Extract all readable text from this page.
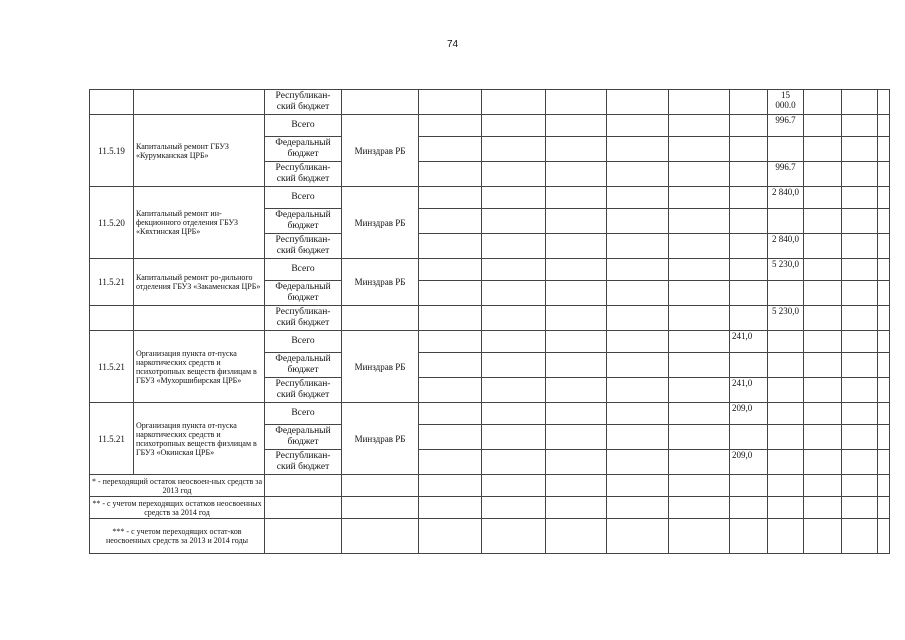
74
		Республикан-ский бюджет								15 000.0			
11.5.19	Капитальный ремонт ГБУЗ «Курумканская ЦРБ»	Всего	Минздрав РБ							996.7			
		Федеральный бюджет											
		Республикан-ский бюджет								996.7			
11.5.20	Капитальный ремонт ин-фекционного отделения ГБУЗ «Кяхтинская ЦРБ»	Всего	Минздрав РБ							2 840,0			
		Федеральный бюджет											
		Республикан-ский бюджет								2 840,0			
11.5.21	Капитальный ремонт ро-дильного отделения ГБУЗ «Закаменская ЦРБ»	Всего	Минздрав РБ							5 230,0			
		Федеральный бюджет											
		Республикан-ский бюджет								5 230,0			
11.5.21	Организация пункта от-пуска наркотических средств и психотропных веществ физлицам в ГБУЗ «Мухоршибирская ЦРБ»	Всего	Минздрав РБ						241,0				
		Федеральный бюджет											
		Республикан-ский бюджет							241,0				
11.5.21	Организация пункта от-пуска наркотических средств и психотропных веществ физлицам в ГБУЗ «Окинская ЦРБ»	Всего	Минздрав РБ						209,0				
		Федеральный бюджет											
		Республикан-ский бюджет							209,0				
* - переходящий остаток неосвоен-ных средств за 2013 год													
** - с учетом переходящих остатков неосвоенных средств за 2014 год													
*** - с учетом переходящих остат-ков неосвоенных средств за 2013 и 2014 годы													
